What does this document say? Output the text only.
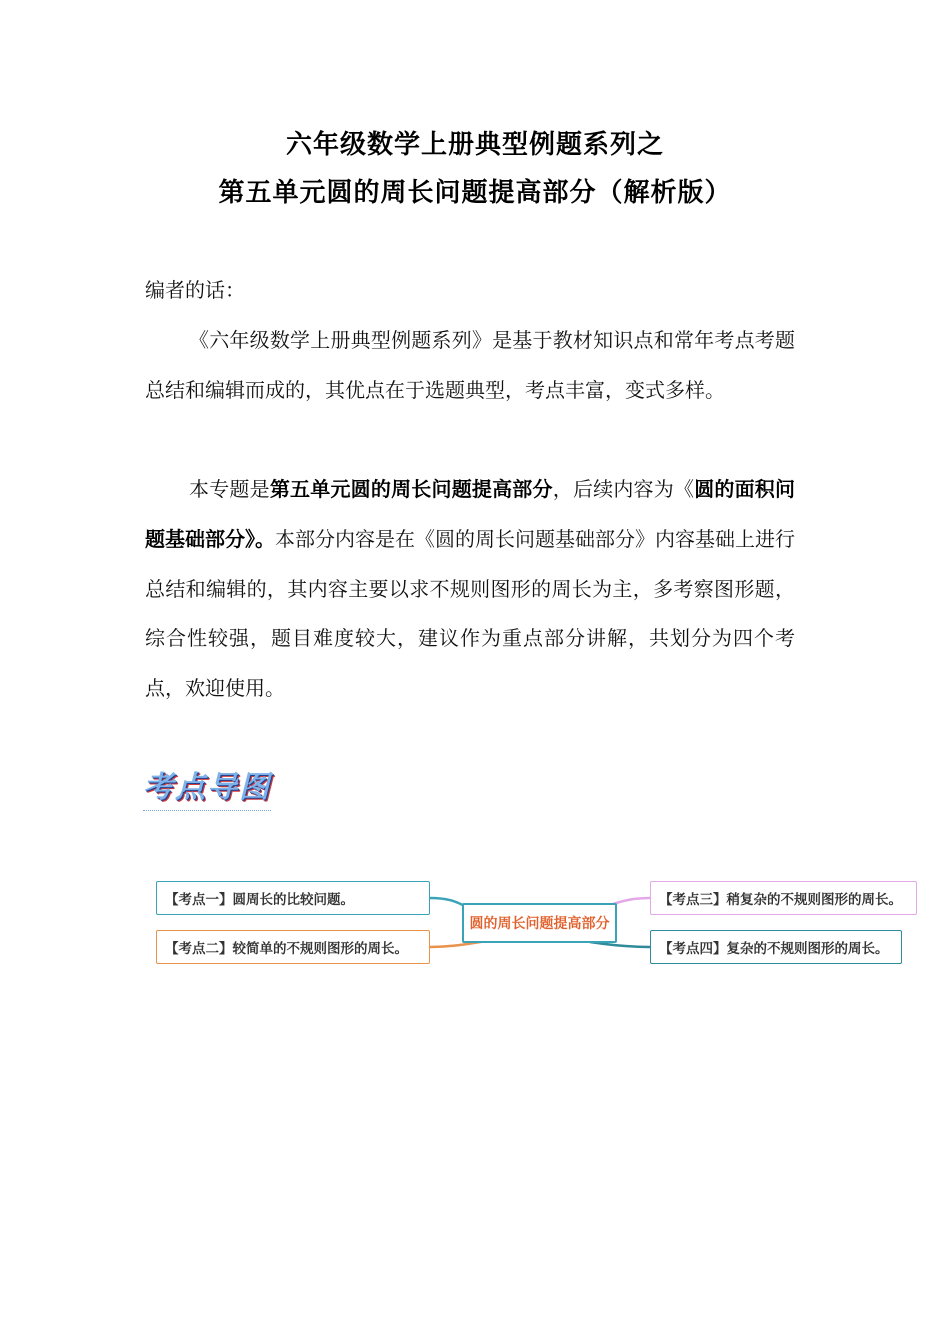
六年级数学上册典型例题系列之
第五单元圆的周长问题提高部分（解析版）
编者的话：
《六年级数学上册典型例题系列》是基于教材知识点和常年考点考题总结和编辑而成的，其优点在于选题典型，考点丰富，变式多样。
本专题是第五单元圆的周长问题提高部分，后续内容为《圆的面积问题基础部分》。本部分内容是在《圆的周长问题基础部分》内容基础上进行总结和编辑的，其内容主要以求不规则图形的周长为主，多考察图形题，综合性较强，题目难度较大，建议作为重点部分讲解，共划分为四个考点，欢迎使用。
考点导图
【考点一】圆周长的比较问题。
【考点二】较简单的不规则图形的周长。
【考点三】稍复杂的不规则图形的周长。
【考点四】复杂的不规则图形的周长。
圆的周长问题提高部分
